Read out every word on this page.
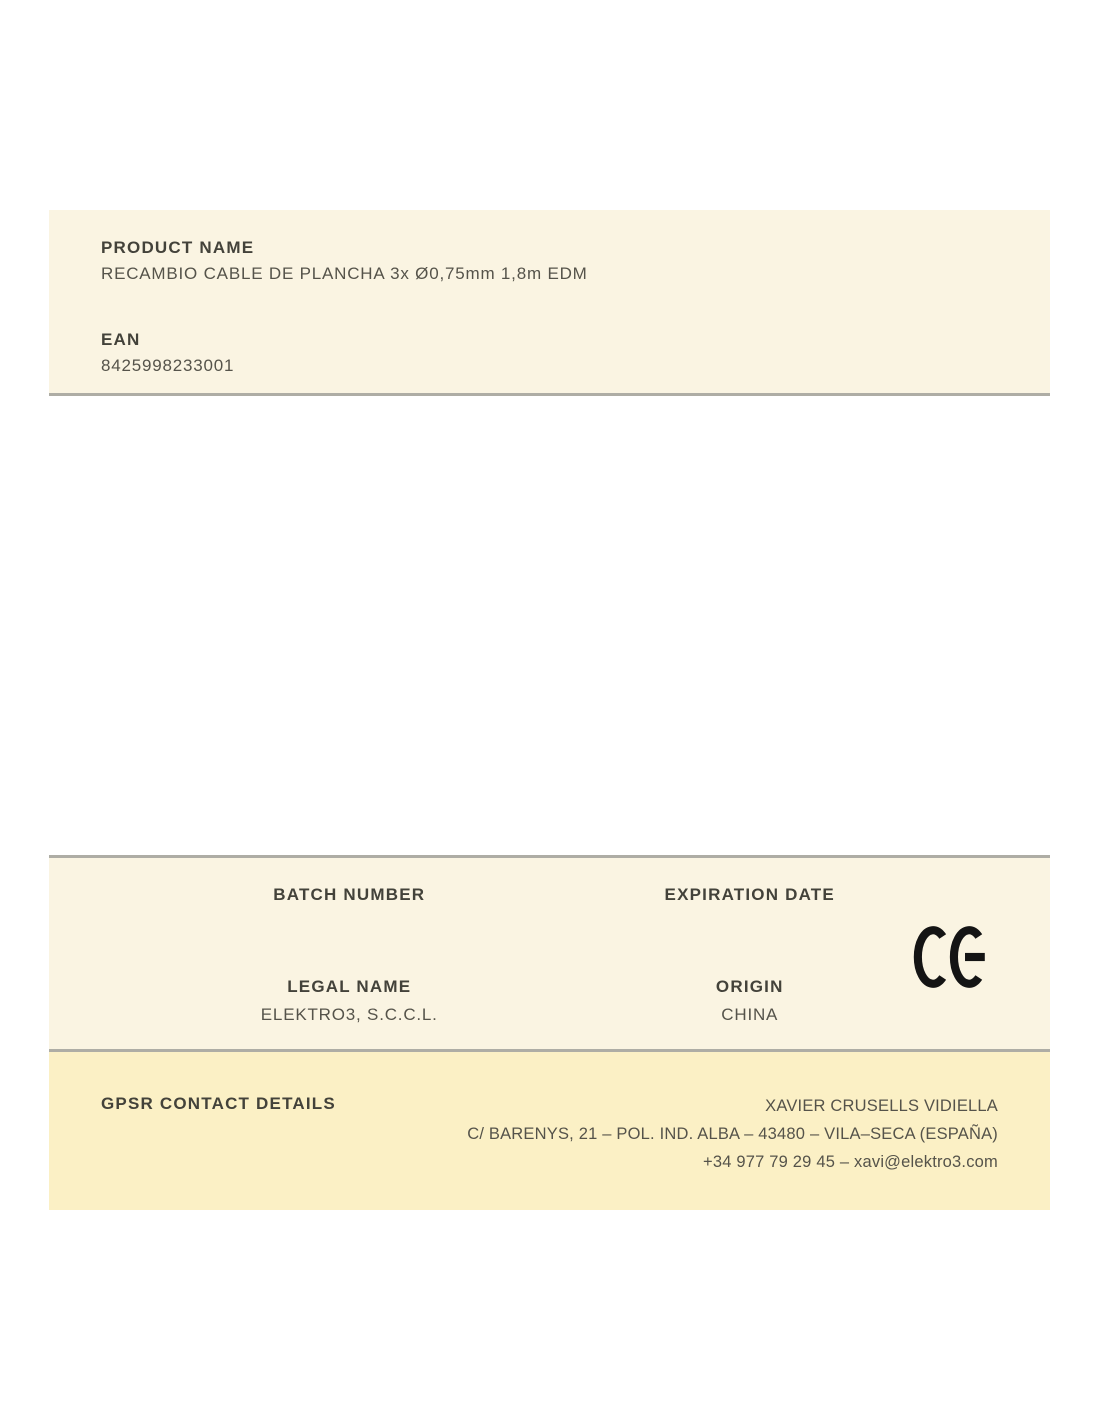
PRODUCT NAME
RECAMBIO CABLE DE PLANCHA 3x Ø0,75mm 1,8m EDM
EAN
8425998233001
BATCH NUMBER
LEGAL NAME
ELEKTRO3, S.C.C.L.
EXPIRATION DATE
ORIGIN
CHINA
GPSR CONTACT DETAILS	XAVIER CRUSELLS VIDIELLA
C/ BARENYS, 21 – POL. IND. ALBA – 43480 – VILA–SECA (ESPAÑA)
+34 977 79 29 45 – xavi@elektro3.com
